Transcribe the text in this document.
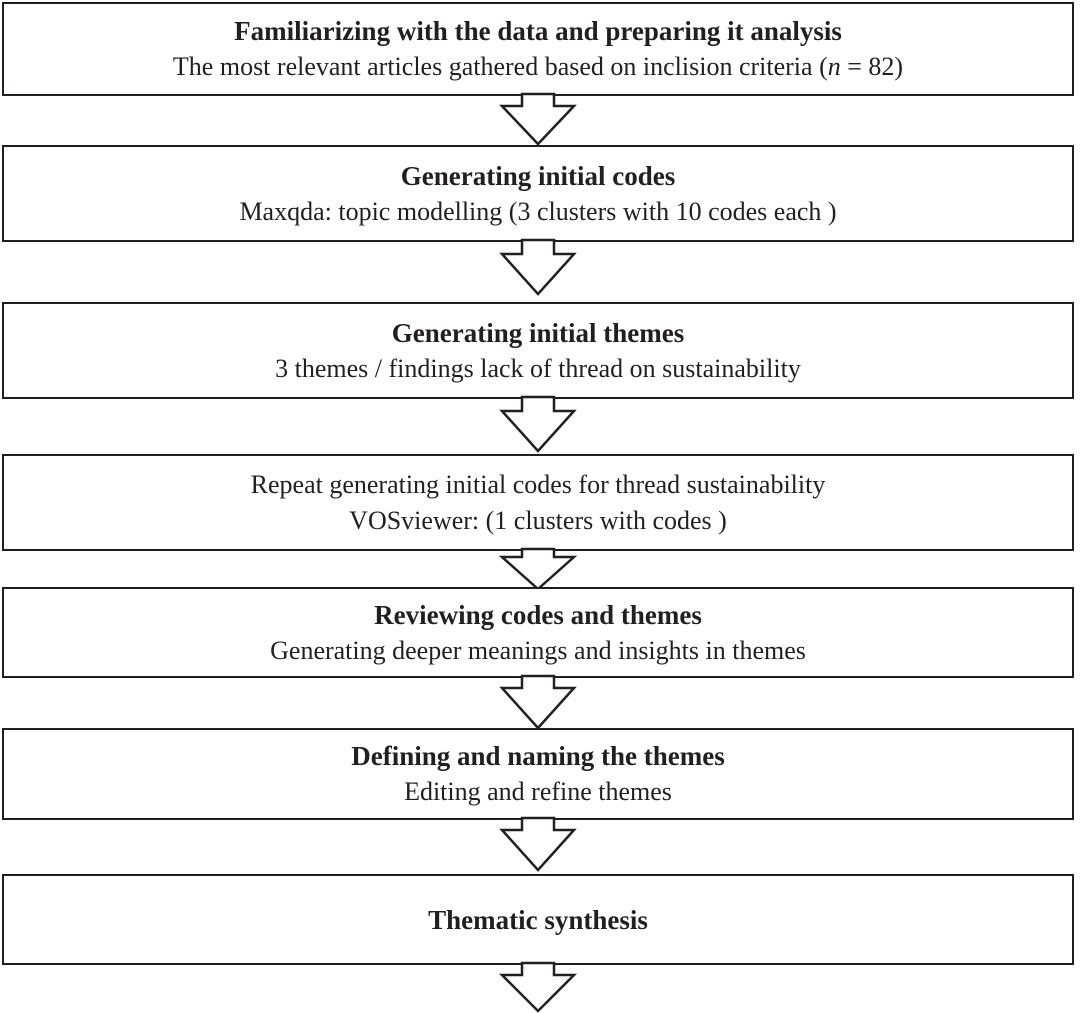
Familiarizing with the data and preparing it analysis
The most relevant articles gathered based on inclision criteria (n = 82)
Generating initial codes
Maxqda: topic modelling (3 clusters with 10 codes each )
Generating initial themes
3 themes / findings lack of thread on sustainability
Repeat generating initial codes for thread sustainability
VOSviewer: (1 clusters with codes )
Reviewing codes and themes
Generating deeper meanings and insights in themes
Defining and naming the themes
Editing and refine themes
Thematic synthesis
